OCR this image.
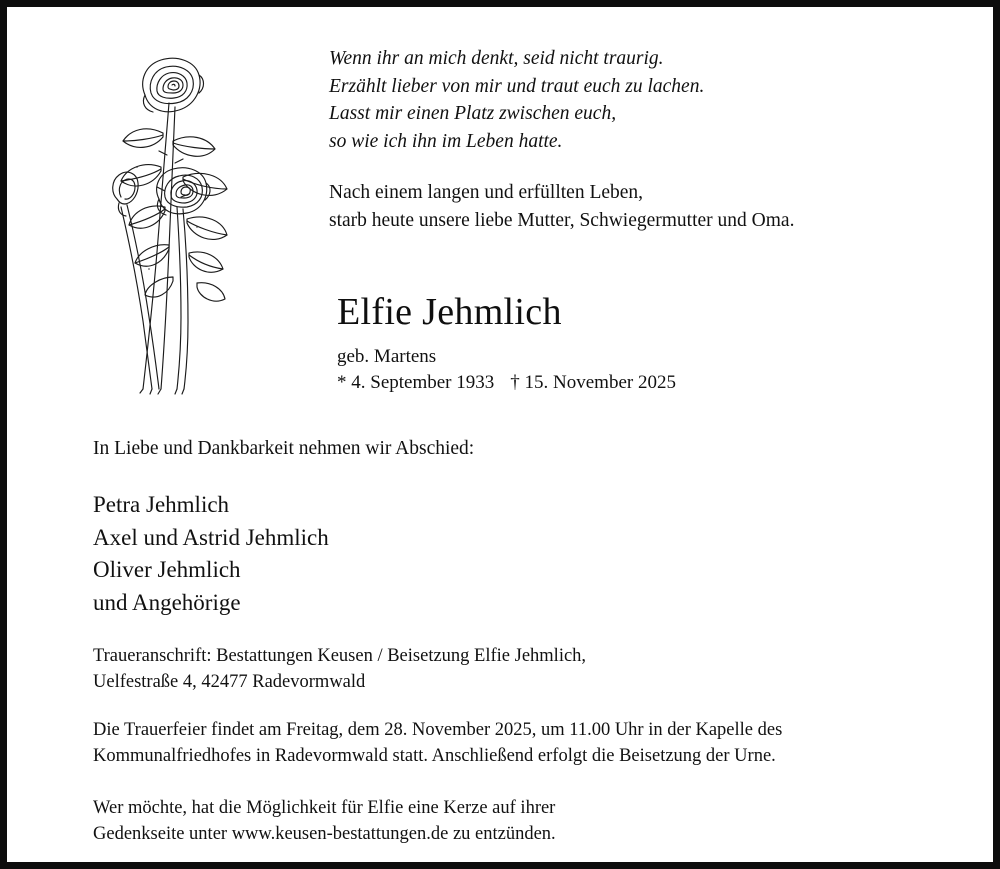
Wenn ihr an mich denkt, seid nicht traurig.
Erzählt lieber von mir und traut euch zu lachen.
Lasst mir einen Platz zwischen euch,
so wie ich ihn im Leben hatte.
Nach einem langen und erfüllten Leben,
starb heute unsere liebe Mutter, Schwiegermutter und Oma.
Elfie Jehmlich
geb. Martens
* 4. September 1933 † 15. November 2025
In Liebe und Dankbarkeit nehmen wir Abschied:
Petra Jehmlich
Axel und Astrid Jehmlich
Oliver Jehmlich
und Angehörige
Traueranschrift: Bestattungen Keusen / Beisetzung Elfie Jehmlich,
Uelfestraße 4, 42477 Radevormwald
Die Trauerfeier findet am Freitag, dem 28. November 2025, um 11.00 Uhr in der Kapelle des
Kommunalfriedhofes in Radevormwald statt. Anschließend erfolgt die Beisetzung der Urne.
Wer möchte, hat die Möglichkeit für Elfie eine Kerze auf ihrer
Gedenkseite unter www.keusen-bestattungen.de zu entzünden.
